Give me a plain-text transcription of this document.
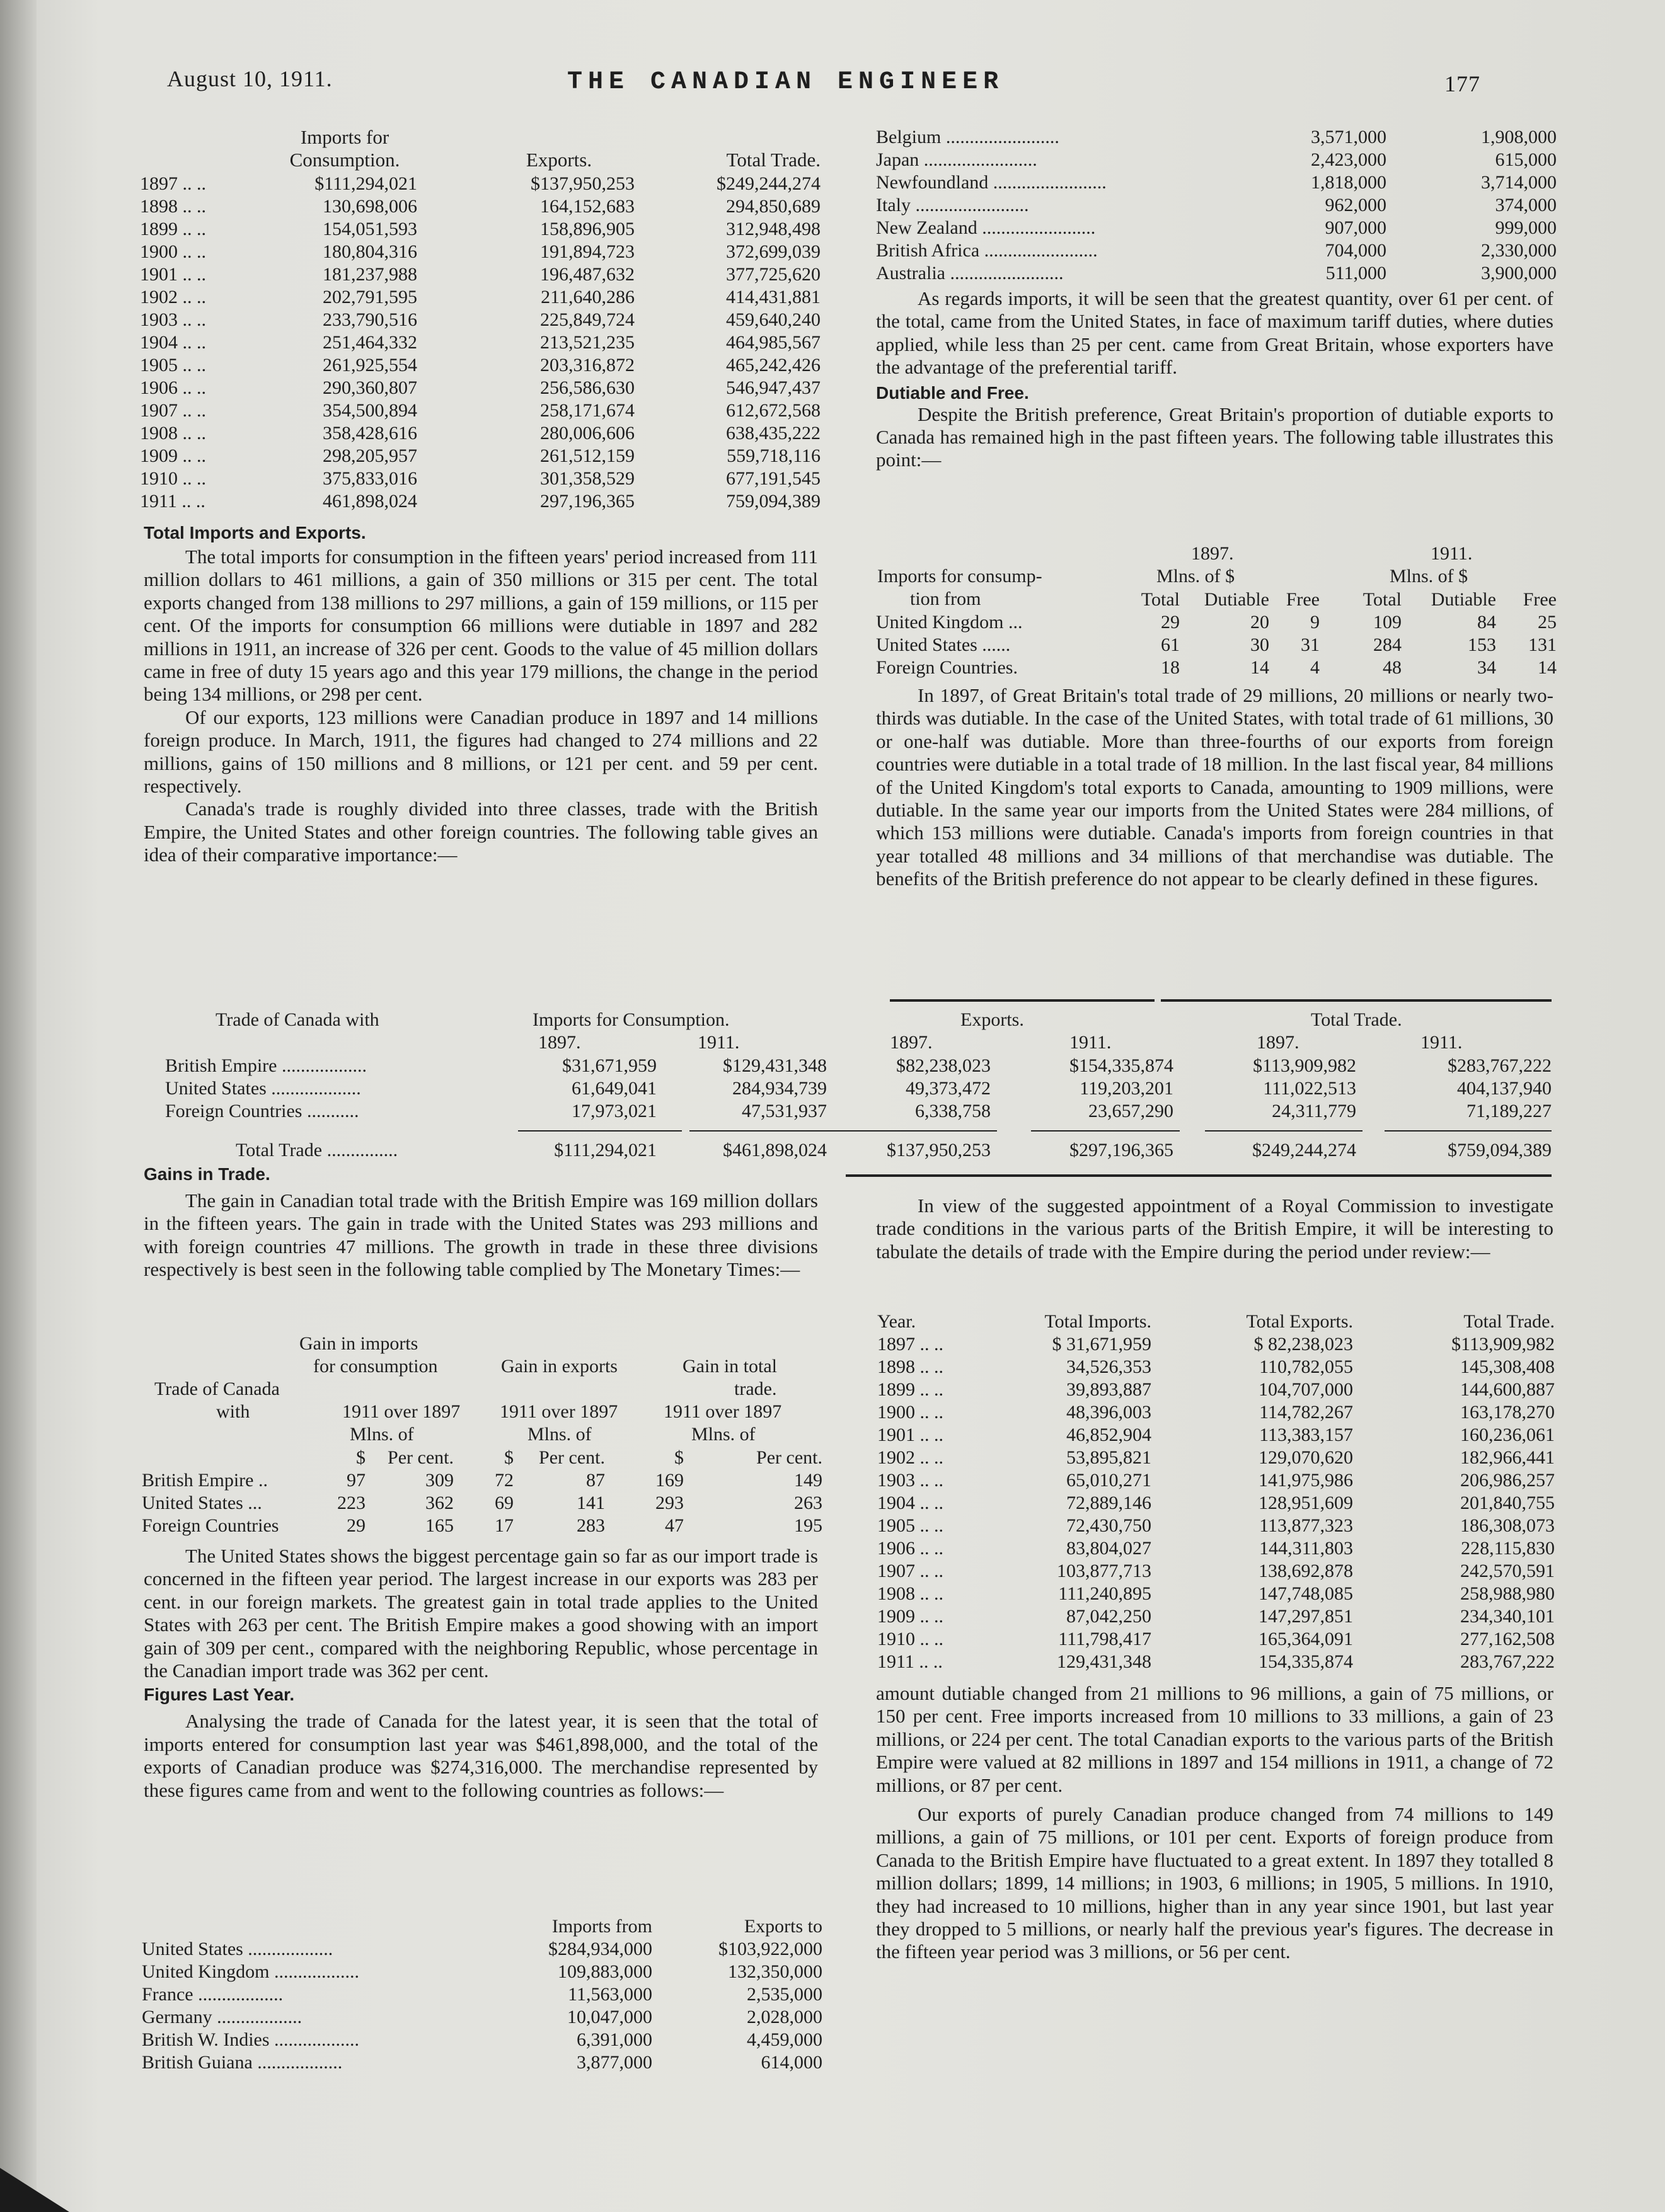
August 10, 1911.	THE CANADIAN ENGINEER	177
Imports for Consumption.	Exports.	Total Trade.
1897 .. ..	$111,294,021	$137,950,253	$249,244,274
1898 .. ..	130,698,006	164,152,683	294,850,689
1899 .. ..	154,051,593	158,896,905	312,948,498
1900 .. ..	180,804,316	191,894,723	372,699,039
1901 .. ..	181,237,988	196,487,632	377,725,620
1902 .. ..	202,791,595	211,640,286	414,431,881
1903 .. ..	233,790,516	225,849,724	459,640,240
1904 .. ..	251,464,332	213,521,235	464,985,567
1905 .. ..	261,925,554	203,316,872	465,242,426
1906 .. ..	290,360,807	256,586,630	546,947,437
1907 .. ..	354,500,894	258,171,674	612,672,568
1908 .. ..	358,428,616	280,006,606	638,435,222
1909 .. ..	298,205,957	261,512,159	559,718,116
1910 .. ..	375,833,016	301,358,529	677,191,545
1911 .. ..	461,898,024	297,196,365	759,094,389
Total Imports and Exports.

The total imports for consumption in the fifteen years' period increased from 111 million dollars to 461 millions, a gain of 350 millions or 315 per cent. The total exports changed from 138 millions to 297 millions, a gain of 159 millions, or 115 per cent. Of the imports for consumption 66 millions were dutiable in 1897 and 282 millions in 1911, an increase of 326 per cent. Goods to the value of 45 million dollars came in free of duty 15 years ago and this year 179 millions, the change in the period being 134 millions, or 298 per cent.

Of our exports, 123 millions were Canadian produce in 1897 and 14 millions foreign produce. In March, 1911, the figures had changed to 274 millions and 22 millions, gains of 150 millions and 8 millions, or 121 per cent. and 59 per cent. respectively.

Canada's trade is roughly divided into three classes, trade with the British Empire, the United States and other foreign countries. The following table gives an idea of their comparative importance:—

Belgium ........................	3,571,000	1,908,000
Japan ........................	2,423,000	615,000
Newfoundland ........................	1,818,000	3,714,000
Italy ........................	962,000	374,000
New Zealand ........................	907,000	999,000
British Africa ........................	704,000	2,330,000
Australia ........................	511,000	3,900,000

As regards imports, it will be seen that the greatest quantity, over 61 per cent. of the total, came from the United States, in face of maximum tariff duties, where duties applied, while less than 25 per cent. came from Great Britain, whose exporters have the advantage of the preferential tariff.

Dutiable and Free.

Despite the British preference, Great Britain's proportion of dutiable exports to Canada has remained high in the past fifteen years. The following table illustrates this point:—

1897.	1911.
Imports for consump-
tion from
Mlns. of $	Mlns. of $
	Total	Dutiable	Free	Total	Dutiable	Free
United Kingdom ...	29	20	9	109	84	25
United States ......	61	30	31	284	153	131
Foreign Countries.	18	14	4	48	34	14

In 1897, of Great Britain's total trade of 29 millions, 20 millions or nearly two-thirds was dutiable. In the case of the United States, with total trade of 61 millions, 30 or one-half was dutiable. More than three-fourths of our exports from foreign countries were dutiable in a total trade of 18 million. In the last fiscal year, 84 millions of the United Kingdom's total exports to Canada, amounting to 1909 millions, were dutiable. In the same year our imports from the United States were 284 millions, of which 153 millions were dutiable. Canada's imports from foreign countries in that year totalled 48 millions and 34 millions of that merchandise was dutiable. The benefits of the British preference do not appear to be clearly defined in these figures.

Trade of Canada with	Imports for Consumption.	Exports.	Total Trade.
1897.	1911.	1897.	1911.	1897.	1911.
British Empire ..................	$31,671,959	$129,431,348	$82,238,023	$154,335,874	$113,909,982	$283,767,222
United States ...................	61,649,041	284,934,739	49,373,472	119,203,201	111,022,513	404,137,940
Foreign Countries ...........	17,973,021	47,531,937	6,338,758	23,657,290	24,311,779	71,189,227
Total Trade ...............	$111,294,021	$461,898,024	$137,950,253	$297,196,365	$249,244,274	$759,094,389
Gains in Trade.

The gain in Canadian total trade with the British Empire was 169 million dollars in the fifteen years. The gain in trade with the United States was 293 millions and with foreign countries 47 millions. The growth in trade in these three divisions respectively is best seen in the following table complied by The Monetary Times:—

Gain in imports
for consumption	Gain in exports	Gain in total
Trade of Canada	trade.
with	1911 over 1897 1911 over 1897 1911 over 1897
Mlns. of	Mlns. of	Mlns. of
	$	Per cent.	$	Per cent.	$	Per cent.
British Empire ..	97	309	72	87	169	149
United States ...	223	362	69	141	293	263
Foreign Countries	29	165	17	283	47	195

The United States shows the biggest percentage gain so far as our import trade is concerned in the fifteen year period. The largest increase in our exports was 283 per cent. in our foreign markets. The greatest gain in total trade applies to the United States with 263 per cent. The British Empire makes a good showing with an import gain of 309 per cent., compared with the neighboring Republic, whose percentage in the Canadian import trade was 362 per cent.

Figures Last Year.

Analysing the trade of Canada for the latest year, it is seen that the total of imports entered for consumption last year was $461,898,000, and the total of the exports of Canadian produce was $274,316,000. The merchandise represented by these figures came from and went to the following countries as follows:—

	Imports from	Exports to
United States ..................	$284,934,000	$103,922,000
United Kingdom ..................	109,883,000	132,350,000
France ..................	11,563,000	2,535,000
Germany ..................	10,047,000	2,028,000
British W. Indies ..................	6,391,000	4,459,000
British Guiana ..................	3,877,000	614,000

In view of the suggested appointment of a Royal Commission to investigate trade conditions in the various parts of the British Empire, it will be interesting to tabulate the details of trade with the Empire during the period under review:—

Year.	Total Imports.	Total Exports.	Total Trade.
1897 .. ..	$ 31,671,959	$ 82,238,023	$113,909,982
1898 .. ..	34,526,353	110,782,055	145,308,408
1899 .. ..	39,893,887	104,707,000	144,600,887
1900 .. ..	48,396,003	114,782,267	163,178,270
1901 .. ..	46,852,904	113,383,157	160,236,061
1902 .. ..	53,895,821	129,070,620	182,966,441
1903 .. ..	65,010,271	141,975,986	206,986,257
1904 .. ..	72,889,146	128,951,609	201,840,755
1905 .. ..	72,430,750	113,877,323	186,308,073
1906 .. ..	83,804,027	144,311,803	228,115,830
1907 .. ..	103,877,713	138,692,878	242,570,591
1908 .. ..	111,240,895	147,748,085	258,988,980
1909 .. ..	87,042,250	147,297,851	234,340,101
1910 .. ..	111,798,417	165,364,091	277,162,508
1911 .. ..	129,431,348	154,335,874	283,767,222

amount dutiable changed from 21 millions to 96 millions, a gain of 75 millions, or 150 per cent. Free imports increased from 10 millions to 33 millions, a gain of 23 millions, or 224 per cent. The total Canadian exports to the various parts of the British Empire were valued at 82 millions in 1897 and 154 millions in 1911, a change of 72 millions, or 87 per cent.

Our exports of purely Canadian produce changed from 74 millions to 149 millions, a gain of 75 millions, or 101 per cent. Exports of foreign produce from Canada to the British Empire have fluctuated to a great extent. In 1897 they totalled 8 million dollars; 1899, 14 millions; in 1903, 6 millions; in 1905, 5 millions. In 1910, they had increased to 10 millions, higher than in any year since 1901, but last year they dropped to 5 millions, or nearly half the previous year's figures. The decrease in the fifteen year period was 3 millions, or 56 per cent.
